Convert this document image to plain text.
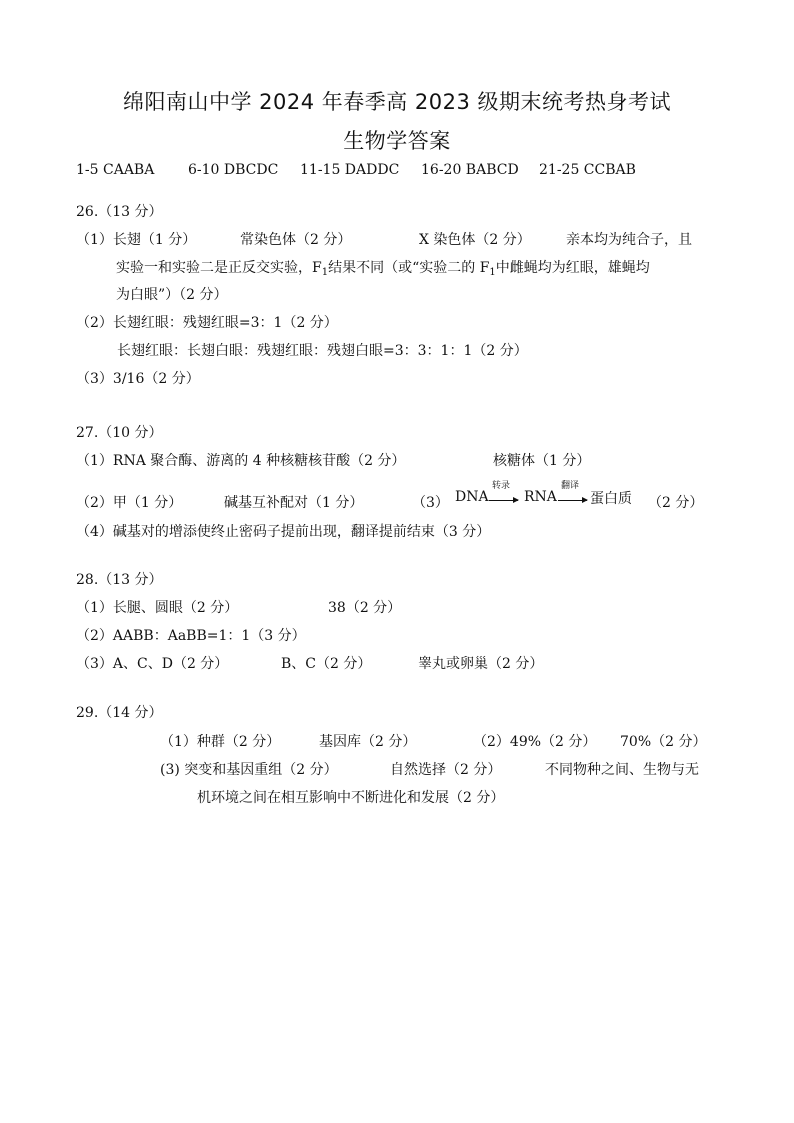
绵阳南山中学 2024 年春季高 2023 级期末统考热身考试
生物学答案
1-5 CAABA 6-10 DBCDC 11-15 DADDC 16-20 BABCD 21-25 CCBAB
26.（13 分）
（1）长翅（1 分）	常染色体（2 分）	X 染色体（2 分）	亲本均为纯合子，且
实验一和实验二是正反交实验，$F_1$结果不同（或“实验二的 $F_1$中雌蝇均为红眼，雄蝇均
为白眼”）（2 分）
（2）长翅红眼：残翅红眼=3：1（2 分）
长翅红眼：长翅白眼：残翅红眼：残翅白眼=3：3：1：1（2 分）
（3）3/16（2 分）
27.（10 分）
（1）RNA 聚合酶、游离的 4 种核糖核苷酸（2 分）	核糖体（1 分）
（2）甲（1 分）	碱基互补配对（1 分）	（3） DNA
转录
RNA
翻译
蛋白质 （2 分）
（4）碱基对的增添使终止密码子提前出现，翻译提前结束（3 分）
28.（13 分）
（1）长腿、圆眼（2 分）	38（2 分）
（2）AABB：AaBB=1：1（3 分）
（3）A、C、D（2 分）	B、C（2 分）	睾丸或卵巢（2 分）
29.（14 分）
（1）种群（2 分）	基因库（2 分）	（2）49%（2 分） 70%（2 分）
(3) 突变和基因重组（2 分）	自然选择（2 分）	不同物种之间、生物与无
机环境之间在相互影响中不断进化和发展（2 分）
